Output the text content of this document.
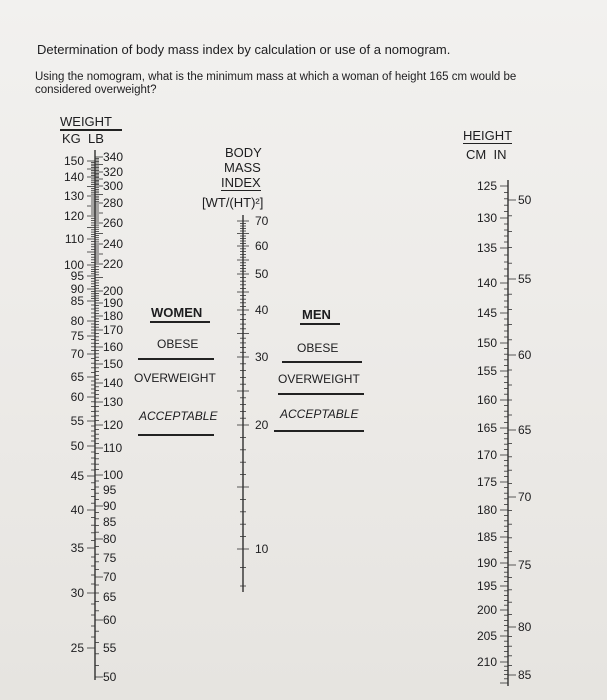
Determination of body mass index by calculation or use of a nomogram.
Using the nomogram, what is the minimum mass at which a woman of height 165 cm would be considered overweight?
WEIGHT
KG LB
BODY
MASS
INDEX
[WT/(HT)²]
HEIGHT
CM IN
WOMEN
OBESE
OVERWEIGHT
ACCEPTABLE
MEN
OBESE
OVERWEIGHT
ACCEPTABLE
150
140
130
120
110
100
95
90
85
80
75
70
65
60
55
50
45
40
35
30
25
340
320
300
280
260
240
220
200
190
180
170
160
150
140
130
120
110
100
95
90
85
80
75
70
65
60
55
50
70
60
50
40
30
20
10
125
130
135
140
145
150
155
160
165
170
175
180
185
190
195
200
205
210
50
55
60
65
70
75
80
85
